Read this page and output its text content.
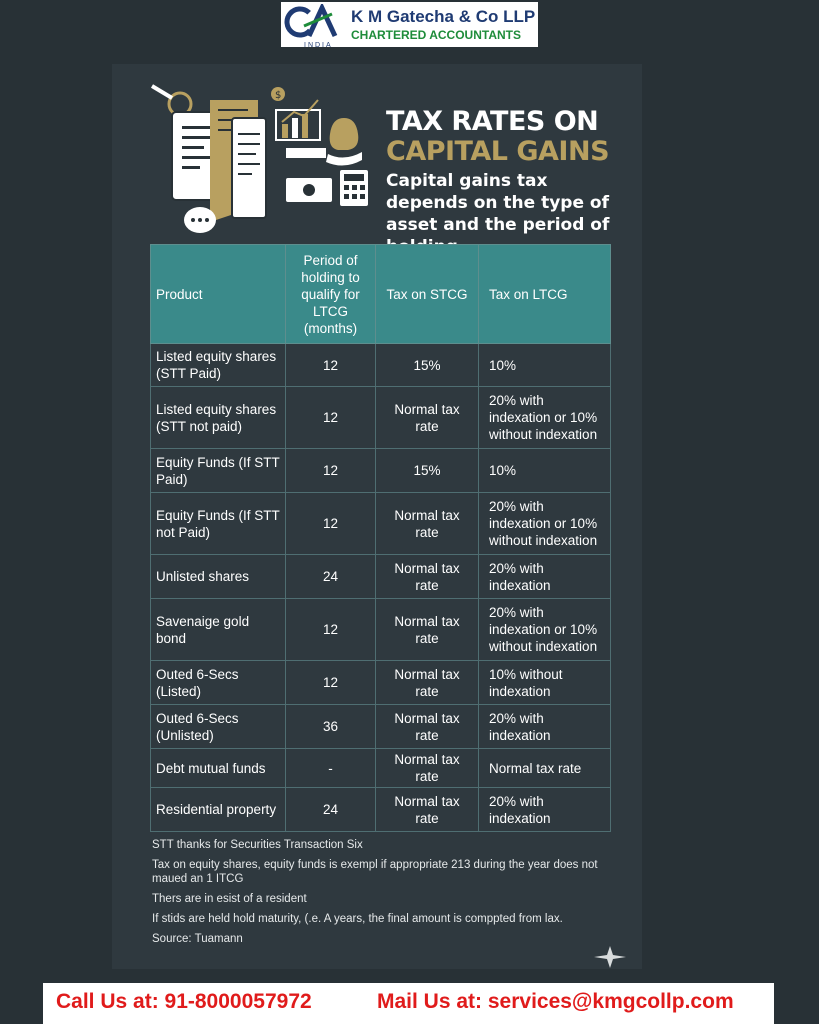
INDIA
K M Gatecha & Co LLP
CHARTERED ACCOUNTANTS
$
TAX RATES ON
CAPITAL GAINS
Capital gains tax depends on the type of asset and the period of
Product	Period of holding to qualify for LTCG (months)	Tax on STCG	Tax on LTCG
Listed equity shares (STT Paid)	12	15%	10%
Listed equity shares (STT not paid)	12	Normal tax rate	20% with indexation or 10% without indexation
Equity Funds (If STT Paid)	12	15%	10%
Equity Funds (If STT not Paid)	12	Normal tax rate	20% with indexation or 10% without indexation
Unlisted shares	24	Normal tax rate	20% with indexation
Savenaige gold bond	12	Normal tax rate	20% with indexation or 10% without indexation
Outed 6-Secs (Listed)	12	Normal tax rate	10% without indexation
Outed 6-Secs (Unlisted)	36	Normal tax rate	20% with indexation
Debt mutual funds	-	Normal tax rate	Normal tax rate
Residential property	24	Normal tax rate	20% with indexation

STT thanks for Securities Transaction Six

Tax on equity shares, equity funds is exempl if appropriate 213 during the year does not maued an 1 ITCG

Thers are in esist of a resident

If stids are held hold maturity, (.e. A years, the final amount is comppted from lax.

Source: Tuamann

Call Us at: 91-8000057972	Mail Us at: services@kmgcollp.com
